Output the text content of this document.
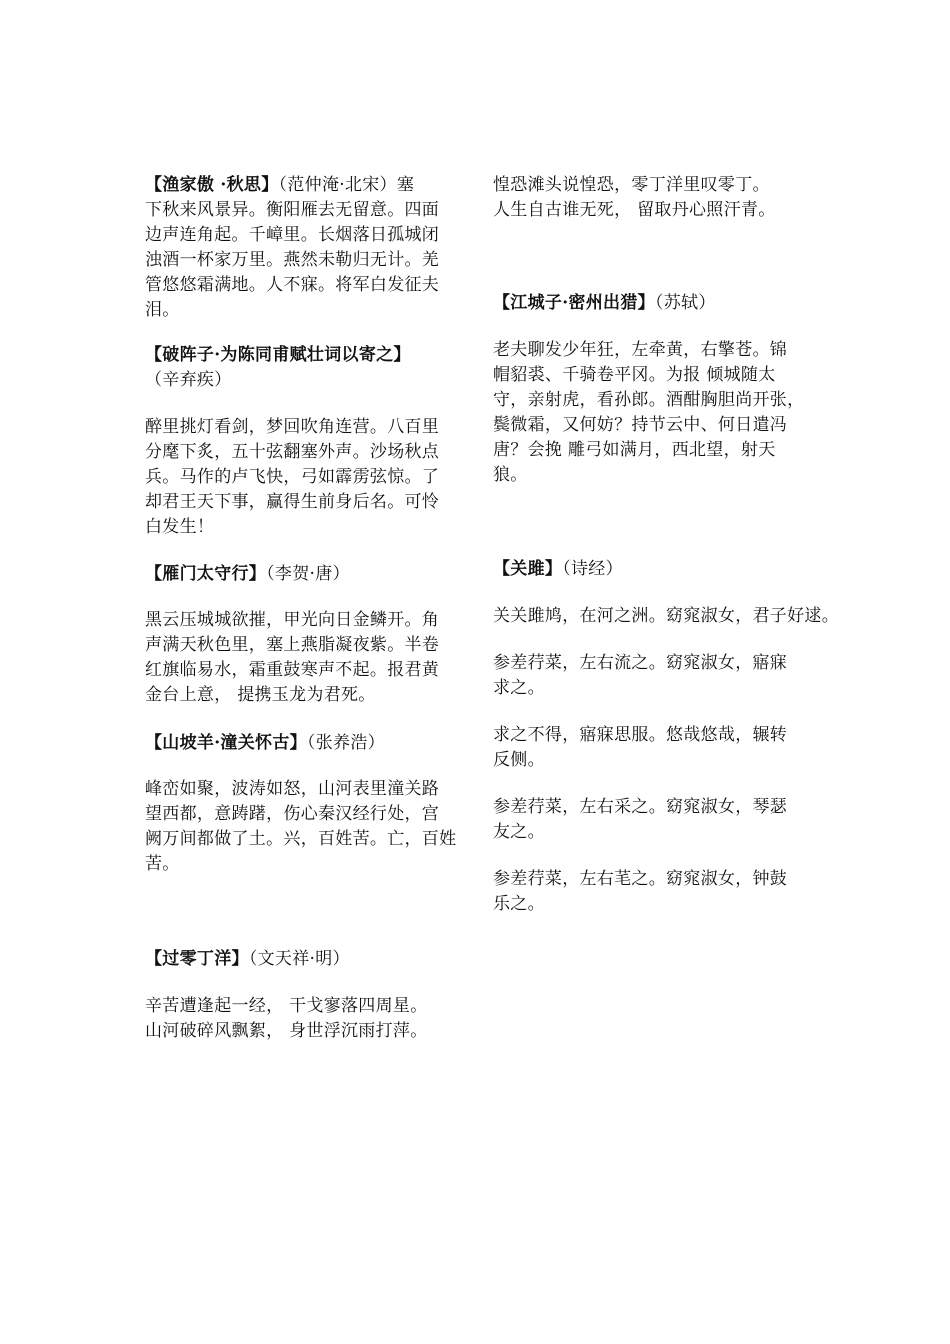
【渔家傲 ·秋思】（范仲淹·北宋）塞
下秋来风景异。衡阳雁去无留意。四面
边声连角起。千嶂里。长烟落日孤城闭
浊酒一杯家万里。燕然未勒归无计。羌
管悠悠霜满地。人不寐。将军白发征夫
泪。
【破阵子·为陈同甫赋壮词以寄之】
（辛弃疾）
醉里挑灯看剑，梦回吹角连营。八百里
分麾下炙，五十弦翻塞外声。沙场秋点
兵。马作的卢飞快，弓如霹雳弦惊。了
却君王天下事，赢得生前身后名。可怜
白发生！
【雁门太守行】（李贺·唐）
黑云压城城欲摧，甲光向日金鳞开。角
声满天秋色里，塞上燕脂凝夜紫。半卷
红旗临易水，霜重鼓寒声不起。报君黄
金台上意， 提携玉龙为君死。
【山坡羊·潼关怀古】（张养浩）
峰峦如聚，波涛如怒，山河表里潼关路
望西都，意踌躇，伤心秦汉经行处，宫
阙万间都做了土。兴，百姓苦。亡，百姓
苦。
【过零丁洋】（文天祥·明）
辛苦遭逢起一经， 干戈寥落四周星。
山河破碎风飘絮， 身世浮沉雨打萍。
惶恐滩头说惶恐，零丁洋里叹零丁。
人生自古谁无死， 留取丹心照汗青。
【江城子·密州出猎】（苏轼）
老夫聊发少年狂，左牵黄，右擎苍。锦
帽貂裘、千骑卷平冈。为报 倾城随太
守，亲射虎，看孙郎。酒酣胸胆尚开张，
鬓微霜，又何妨？持节云中、何日遣冯
唐？会挽 雕弓如满月，西北望，射天
狼。
【关雎】（诗经）
关关雎鸠，在河之洲。窈窕淑女，君子好逑。
参差荇菜，左右流之。窈窕淑女，寤寐
求之。
求之不得，寤寐思服。悠哉悠哉，辗转
反侧。
参差荇菜，左右采之。窈窕淑女，琴瑟
友之。
参差荇菜，左右芼之。窈窕淑女，钟鼓
乐之。
